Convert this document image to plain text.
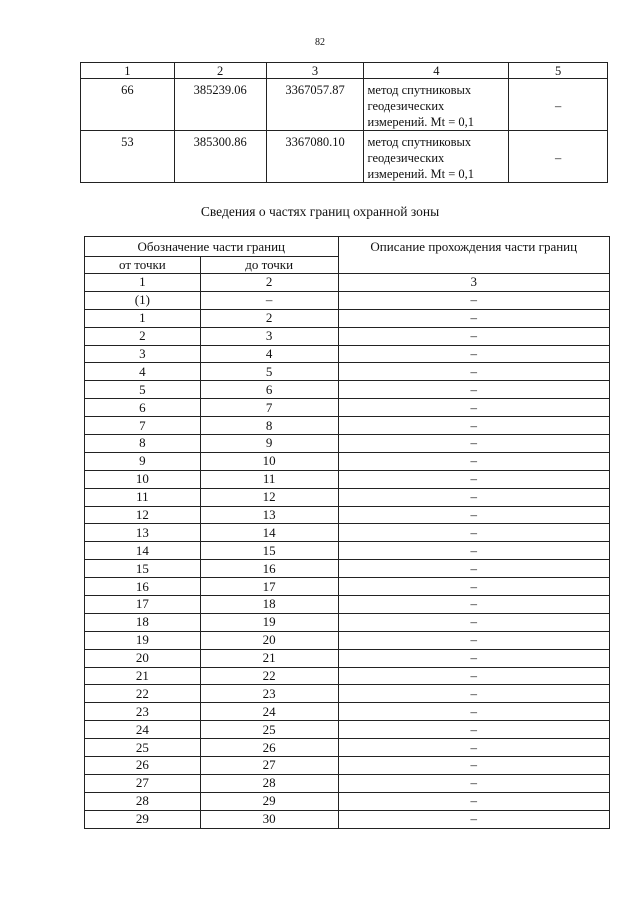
82
1	2	3	4	5
66	385239.06	3367057.87	метод спутниковых
геодезических
измерений. Mt = 0,1	–
53	385300.86	3367080.10	метод спутниковых
геодезических
измерений. Mt = 0,1	–
Сведения о частях границ охранной зоны
Обозначение части границ		Описание прохождения части границ
от точки	до точки	
1	2	3
(1)	–	–
1	2	–
2	3	–
3	4	–
4	5	–
5	6	–
6	7	–
7	8	–
8	9	–
9	10	–
10	11	–
11	12	–
12	13	–
13	14	–
14	15	–
15	16	–
16	17	–
17	18	–
18	19	–
19	20	–
20	21	–
21	22	–
22	23	–
23	24	–
24	25	–
25	26	–
26	27	–
27	28	–
28	29	–
29	30	–
